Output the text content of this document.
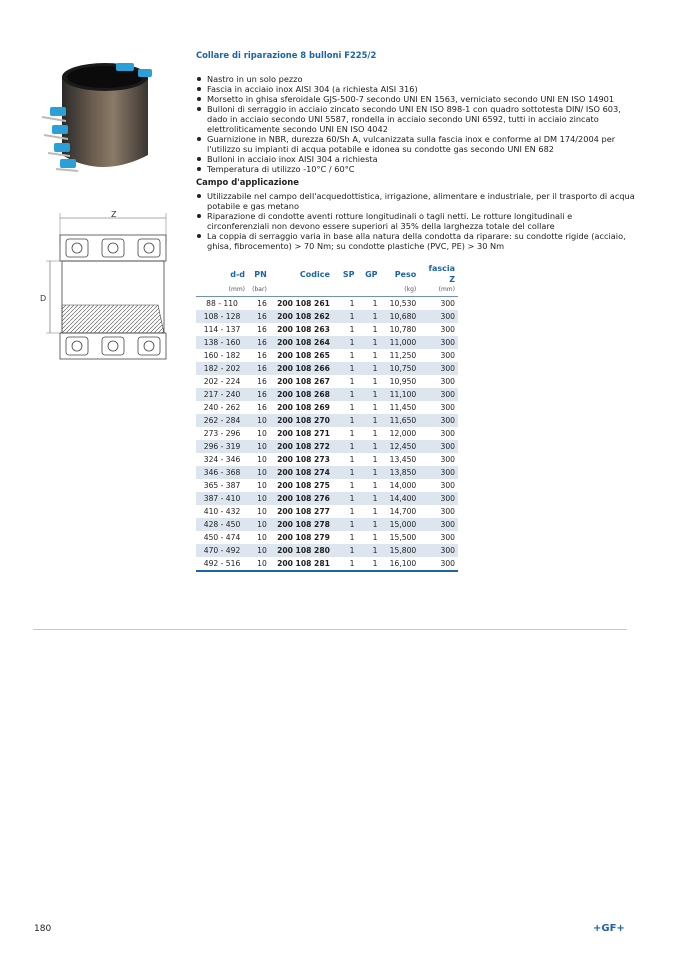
Z
D
Collare di riparazione 8 bulloni F225/2
Nastro in un solo pezzo
Fascia in acciaio inox AISI 304 (a richiesta AISI 316)
Morsetto in ghisa sferoidale GJS-500-7 secondo UNI EN 1563, verniciato secondo UNI EN ISO 14901
Bulloni di serraggio in acciaio zincato secondo UNI EN ISO 898-1 con quadro sottotesta DIN/ ISO 603, dado in acciaio secondo UNI 5587, rondella in acciaio secondo UNI 6592, tutti in acciaio zincato elettroliticamente secondo UNI EN ISO 4042
Guarnizione in NBR, durezza 60/Sh A, vulcanizzata sulla fascia inox e conforme al DM 174/2004 per l'utilizzo su impianti di acqua potabile e idonea su condotte gas secondo UNI EN 682
Bulloni in acciaio inox AISI 304 a richiesta
Temperatura di utilizzo -10°C / 60°C
Campo d'applicazione
Utilizzabile nel campo dell'acquedottistica, irrigazione, alimentare e industriale, per il trasporto di acqua potabile e gas metano
Riparazione di condotte aventi rotture longitudinali o tagli netti. Le rotture longitudinali e circonferenziali non devono essere superiori al 35% della larghezza totale del collare
La coppia di serraggio varia in base alla natura della condotta da riparare: su condotte rigide (acciaio, ghisa, fibrocemento) > 70 Nm; su condotte plastiche (PVC, PE) > 30 Nm
d-d	PN	Codice	SP	GP	Peso	fascia Z
(mm)	(bar)				(kg)	(mm)
88 - 110	16	200 108 261	1	1	10,530	300
108 - 128	16	200 108 262	1	1	10,680	300
114 - 137	16	200 108 263	1	1	10,780	300
138 - 160	16	200 108 264	1	1	11,000	300
160 - 182	16	200 108 265	1	1	11,250	300
182 - 202	16	200 108 266	1	1	10,750	300
202 - 224	16	200 108 267	1	1	10,950	300
217 - 240	16	200 108 268	1	1	11,100	300
240 - 262	16	200 108 269	1	1	11,450	300
262 - 284	10	200 108 270	1	1	11,650	300
273 - 296	10	200 108 271	1	1	12,000	300
296 - 319	10	200 108 272	1	1	12,450	300
324 - 346	10	200 108 273	1	1	13,450	300
346 - 368	10	200 108 274	1	1	13,850	300
365 - 387	10	200 108 275	1	1	14,000	300
387 - 410	10	200 108 276	1	1	14,400	300
410 - 432	10	200 108 277	1	1	14,700	300
428 - 450	10	200 108 278	1	1	15,000	300
450 - 474	10	200 108 279	1	1	15,500	300
470 - 492	10	200 108 280	1	1	15,800	300
492 - 516	10	200 108 281	1	1	16,100	300
180	+GF+
